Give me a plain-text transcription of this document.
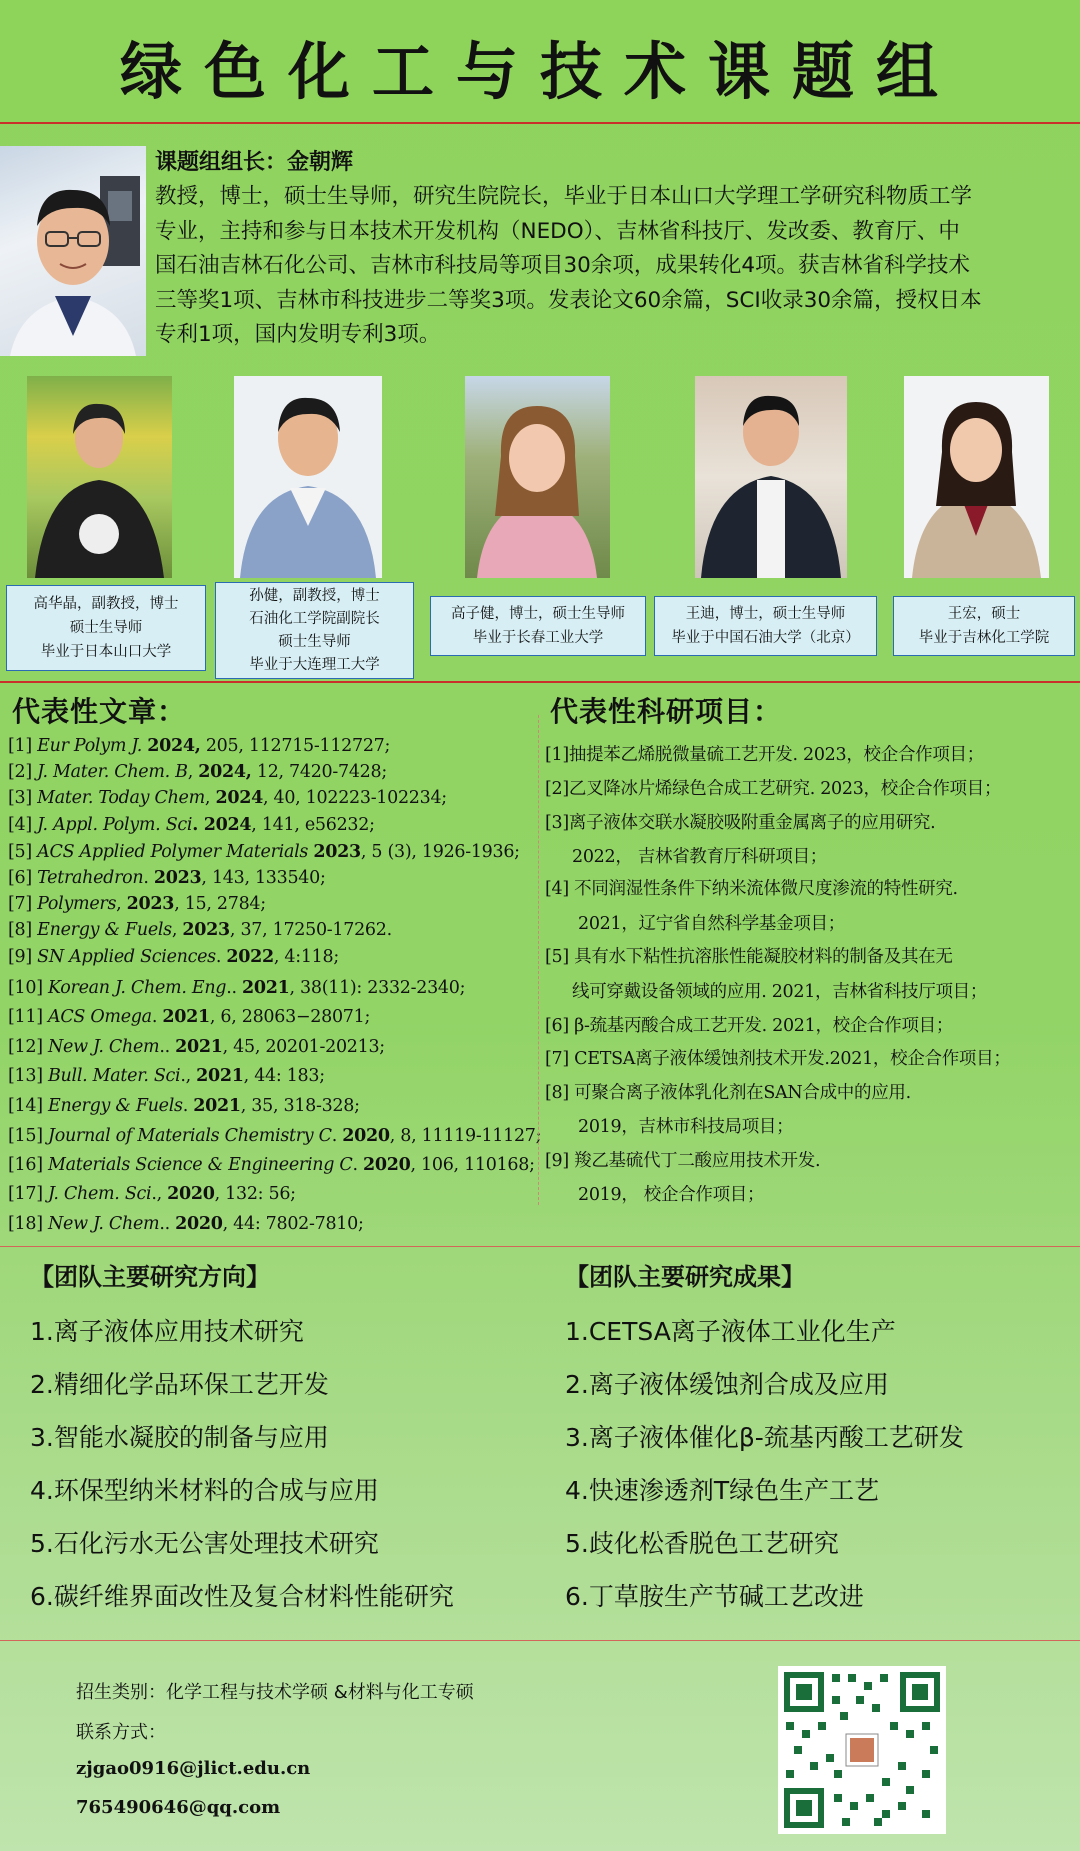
绿色化工与技术课题组
课题组组长：金朝辉
教授，博士，硕士生导师，研究生院院长，毕业于日本山口大学理工学研究科物质工学
专业，主持和参与日本技术开发机构（NEDO）、吉林省科技厅、发改委、教育厅、中
国石油吉林石化公司、吉林市科技局等项目30余项，成果转化4项。获吉林省科学技术
三等奖1项、吉林市科技进步二等奖3项。发表论文60余篇，SCI收录30余篇，授权日本
专利1项，国内发明专利3项。
高华晶，副教授，博士
硕士生导师
毕业于日本山口大学
孙健，副教授，博士
石油化工学院副院长
硕士生导师
毕业于大连理工大学
高子健，博士，硕士生导师
毕业于长春工业大学
王迪，博士，硕士生导师
毕业于中国石油大学（北京）
王宏，硕士
毕业于吉林化工学院
代表性文章：
[1] Eur Polym J. 2024, 205, 112715-112727;
[2] J. Mater. Chem. B, 2024, 12, 7420-7428;
[3] Mater. Today Chem, 2024, 40, 102223-102234;
[4] J. Appl. Polym. Sci. 2024, 141, e56232;
[5] ACS Applied Polymer Materials 2023, 5 (3), 1926-1936;
[6] Tetrahedron. 2023, 143, 133540;
[7] Polymers, 2023, 15, 2784;
[8] Energy & Fuels, 2023, 37, 17250-17262.
[9] SN Applied Sciences. 2022, 4:118;
[10] Korean J. Chem. Eng.. 2021, 38(11): 2332-2340;
[11] ACS Omega. 2021, 6, 28063−28071;
[12] New J. Chem.. 2021, 45, 20201-20213;
[13] Bull. Mater. Sci., 2021, 44: 183;
[14] Energy & Fuels. 2021, 35, 318-328;
[15] Journal of Materials Chemistry C. 2020, 8, 11119-11127;
[16] Materials Science & Engineering C. 2020, 106, 110168;
[17] J. Chem. Sci., 2020, 132: 56;
[18] New J. Chem.. 2020, 44: 7802-7810;
代表性科研项目：
[1]抽提苯乙烯脱微量硫工艺开发. 2023，校企合作项目；
[2]乙叉降冰片烯绿色合成工艺研究. 2023，校企合作项目；
[3]离子液体交联水凝胶吸附重金属离子的应用研究.
2022， 吉林省教育厅科研项目；
[4] 不同润湿性条件下纳米流体微尺度渗流的特性研究.
2021，辽宁省自然科学基金项目；
[5] 具有水下粘性抗溶胀性能凝胶材料的制备及其在无
线可穿戴设备领域的应用. 2021，吉林省科技厅项目；
[6] β-巯基丙酸合成工艺开发. 2021，校企合作项目；
[7] CETSA离子液体缓蚀剂技术开发.2021，校企合作项目；
[8] 可聚合离子液体乳化剂在SAN合成中的应用.
2019，吉林市科技局项目；
[9] 羧乙基硫代丁二酸应用技术开发.
2019， 校企合作项目；
【团队主要研究方向】	【团队主要研究成果】
1.离子液体应用技术研究
2.精细化学品环保工艺开发
3.智能水凝胶的制备与应用
4.环保型纳米材料的合成与应用
5.石化污水无公害处理技术研究
6.碳纤维界面改性及复合材料性能研究
1.CETSA离子液体工业化生产
2.离子液体缓蚀剂合成及应用
3.离子液体催化β-巯基丙酸工艺研发
4.快速渗透剂T绿色生产工艺
5.歧化松香脱色工艺研究
6.丁草胺生产节碱工艺改进
招生类别：化学工程与技术学硕 &材料与化工专硕
联系方式：
zjgao0916@jlict.edu.cn
765490646@qq.com
